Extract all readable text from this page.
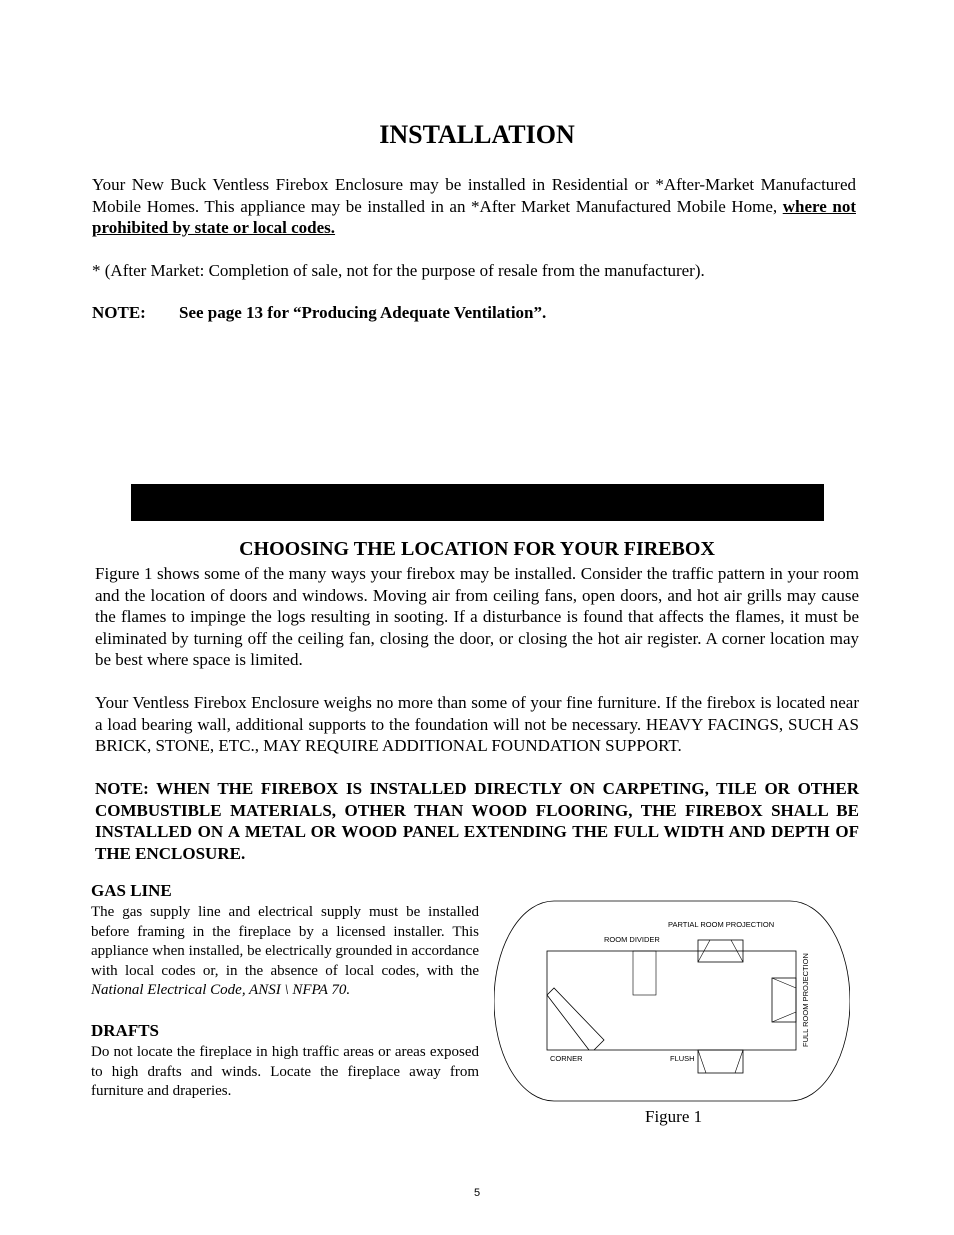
INSTALLATION
Your New Buck Ventless Firebox Enclosure may be installed in Residential or *After-Market Manufactured Mobile Homes. This appliance may be installed in an *After Market Manufactured Mobile Home, where not prohibited by state or local codes.
* (After Market: Completion of sale, not for the purpose of resale from the manufacturer).
NOTE: See page 13 for “Producing Adequate Ventilation”.
CHOOSING THE LOCATION FOR YOUR FIREBOX
Figure 1 shows some of the many ways your firebox may be installed. Consider the traffic pattern in your room and the location of doors and windows. Moving air from ceiling fans, open doors, and hot air grills may cause the flames to impinge the logs resulting in sooting. If a disturbance is found that affects the flames, it must be eliminated by turning off the ceiling fan, closing the door, or closing the hot air register. A corner location may be best where space is limited.
Your Ventless Firebox Enclosure weighs no more than some of your fine furniture. If the firebox is located near a load bearing wall, additional supports to the foundation will not be necessary. HEAVY FACINGS, SUCH AS BRICK, STONE, ETC., MAY REQUIRE ADDITIONAL FOUNDATION SUPPORT.
NOTE: WHEN THE FIREBOX IS INSTALLED DIRECTLY ON CARPETING, TILE OR OTHER COMBUSTIBLE MATERIALS, OTHER THAN WOOD FLOORING, THE FIREBOX SHALL BE INSTALLED ON A METAL OR WOOD PANEL EXTENDING THE FULL WIDTH AND DEPTH OF THE ENCLOSURE.
GAS LINE
The gas supply line and electrical supply must be installed before framing in the fireplace by a licensed installer. This appliance when installed, be electrically grounded in accordance with local codes or, in the absence of local codes, with the National Electrical Code, ANSI \ NFPA 70.
DRAFTS
Do not locate the fireplace in high traffic areas or areas exposed to high drafts and winds. Locate the fireplace away from furniture and draperies.
PARTIAL ROOM PROJECTION
ROOM DIVIDER
FULL ROOM PROJECTION
CORNER	FLUSH
Figure 1
5
